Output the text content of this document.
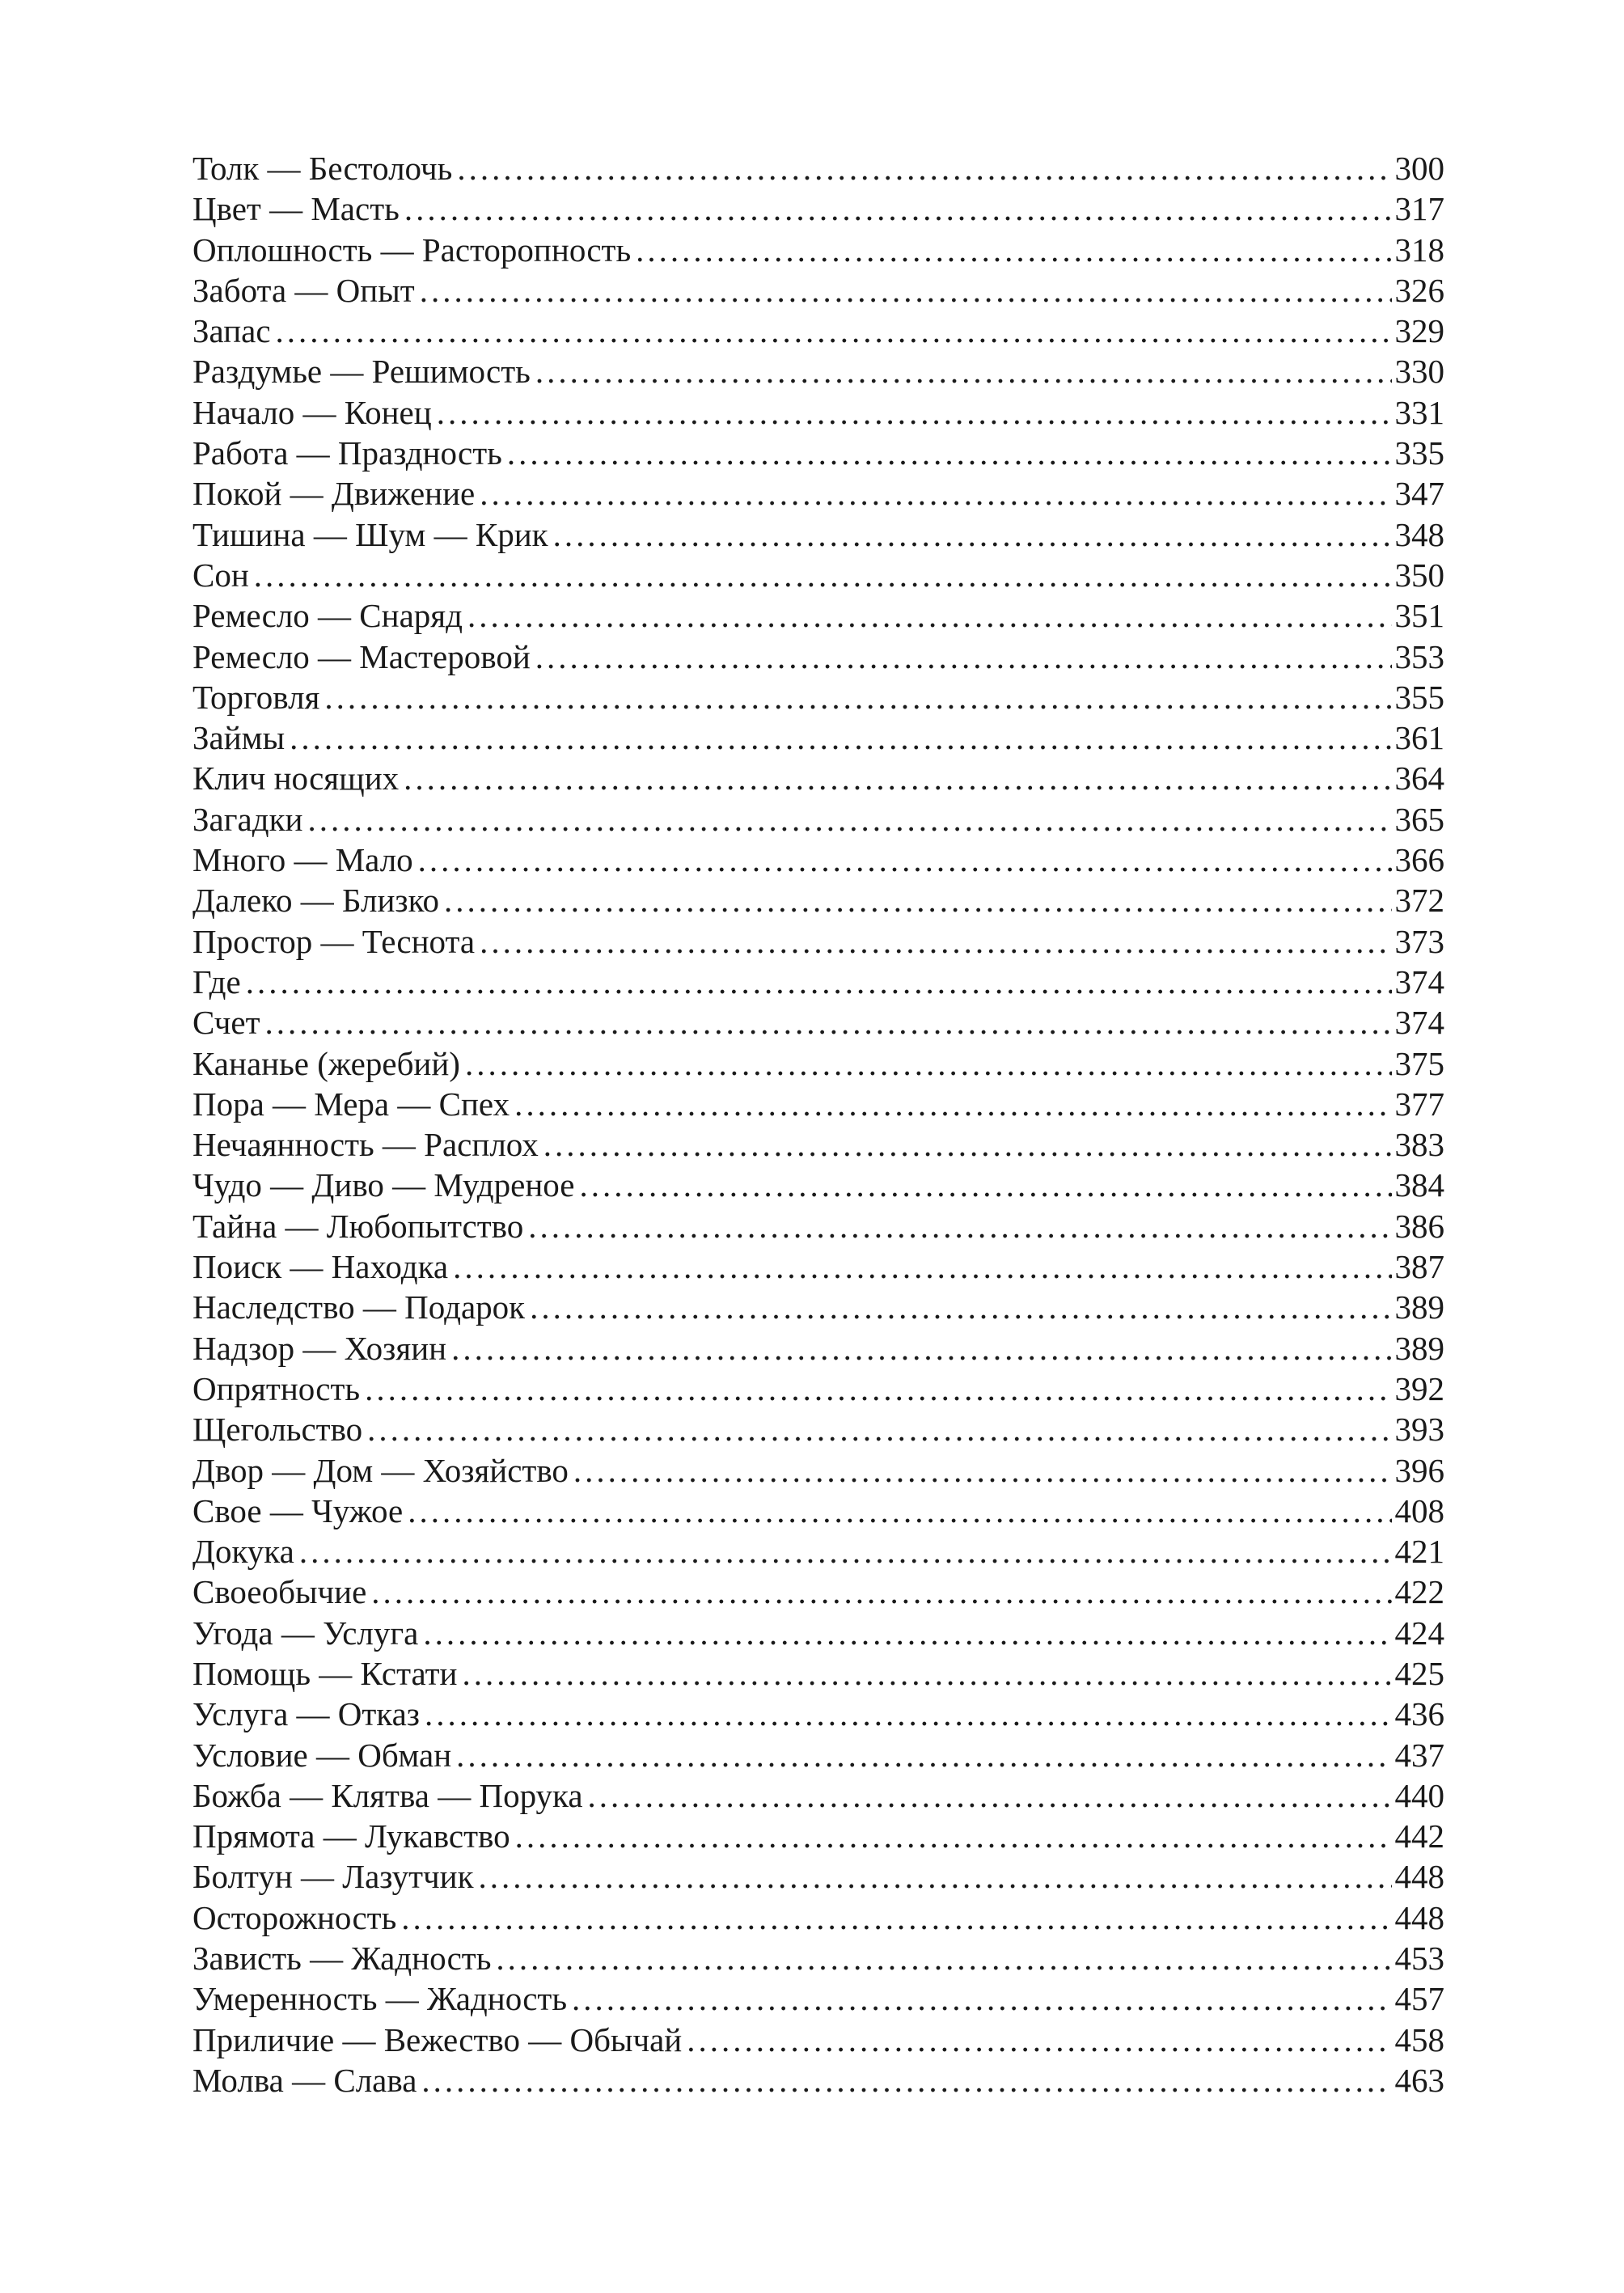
Толк — Бестолочь .....	300
Цвет — Масть .....	317
Оплошность — Расторопность .....	318
Забота — Опыт .....	326
Запас .....	329
Раздумье — Решимость .....	330
Начало — Конец .....	331
Работа — Праздность .....	335
Покой — Движение .....	347
Тишина — Шум — Крик .....	348
Сон .....	350
Ремесло — Снаряд .....	351
Ремесло — Мастеровой .....	353
Торговля .....	355
Займы .....	361
Клич носящих .....	364
Загадки .....	365
Много — Мало .....	366
Далеко — Близко .....	372
Простор — Теснота .....	373
Где .....	374
Счет .....	374
Кананье (жеребий) .....	375
Пора — Мера — Спех .....	377
Нечаянность — Расплох .....	383
Чудо — Диво — Мудреное .....	384
Тайна — Любопытство .....	386
Поиск — Находка .....	387
Наследство — Подарок .....	389
Надзор — Хозяин .....	389
Опрятность .....	392
Щегольство .....	393
Двор — Дом — Хозяйство .....	396
Свое — Чужое .....	408
Докука .....	421
Своеобычие .....	422
Угода — Услуга .....	424
Помощь — Кстати .....	425
Услуга — Отказ .....	436
Условие — Обман .....	437
Божба — Клятва — Порука .....	440
Прямота — Лукавство .....	442
Болтун — Лазутчик .....	448
Осторожность .....	448
Зависть — Жадность .....	453
Умеренность — Жадность .....	457
Приличие — Вежество — Обычай .....	458
Молва — Слава .....	463
